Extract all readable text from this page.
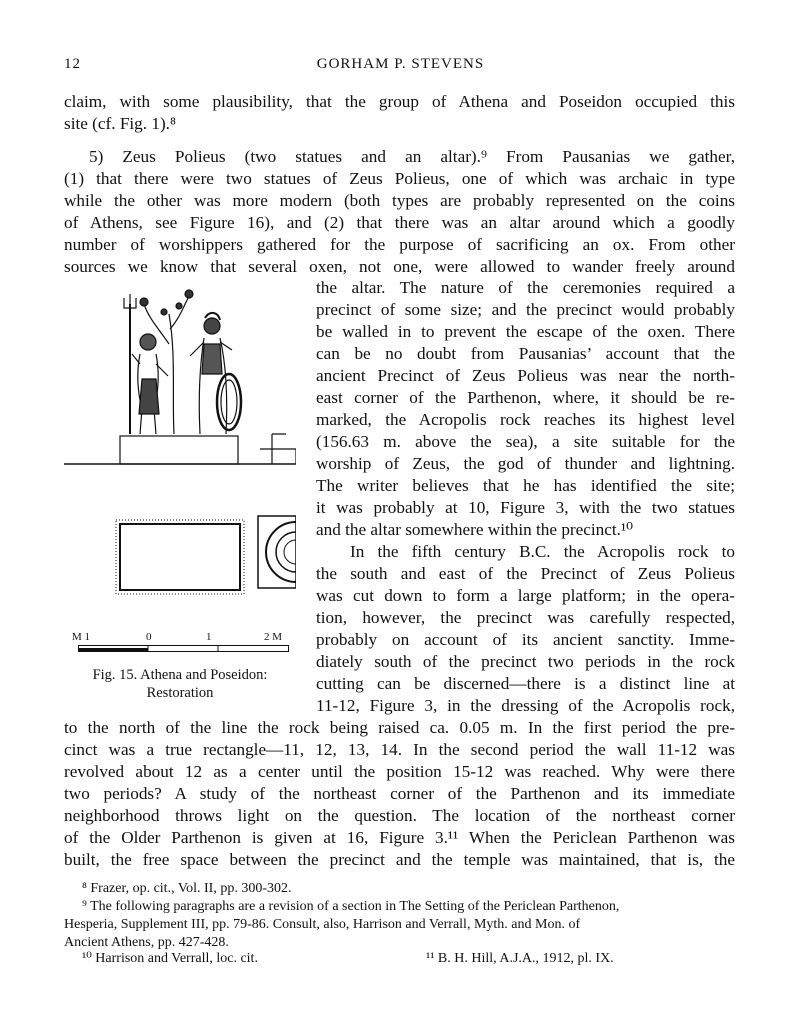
12	GORHAM P. STEVENS
claim, with some plausibility, that the group of Athena and Poseidon occupied this
site (cf. Fig. 1).⁸
5) Zeus Polieus (two statues and an altar).⁹ From Pausanias we gather,
(1) that there were two statues of Zeus Polieus, one of which was archaic in type
while the other was more modern (both types are probably represented on the coins
of Athens, see Figure 16), and (2) that there was an altar around which a goodly
number of worshippers gathered for the purpose of sacrificing an ox. From other
sources we know that several oxen, not one, were allowed to wander freely around
the altar. The nature of the ceremonies required a
precinct of some size; and the precinct would probably
be walled in to prevent the escape of the oxen. There
can be no doubt from Pausanias’ account that the
ancient Precinct of Zeus Polieus was near the north-
east corner of the Parthenon, where, it should be re-
marked, the Acropolis rock reaches its highest level
(156.63 m. above the sea), a site suitable for the
worship of Zeus, the god of thunder and lightning.
The writer believes that he has identified the site;
it was probably at 10, Figure 3, with the two statues
and the altar somewhere within the precinct.¹⁰
In the fifth century B.C. the Acropolis rock to
the south and east of the Precinct of Zeus Polieus
was cut down to form a large platform; in the opera-
tion, however, the precinct was carefully respected,
probably on account of its ancient sanctity. Imme-
diately south of the precinct two periods in the rock
cutting can be discerned—there is a distinct line at
11-12, Figure 3, in the dressing of the Acropolis rock,
to the north of the line the rock being raised ca. 0.05 m. In the first period the pre-
cinct was a true rectangle—11, 12, 13, 14. In the second period the wall 11-12 was
revolved about 12 as a center until the position 15-12 was reached. Why were there
two periods? A study of the northeast corner of the Parthenon and its immediate
neighborhood throws light on the question. The location of the northeast corner
of the Older Parthenon is given at 16, Figure 3.¹¹ When the Periclean Parthenon was
built, the free space between the precinct and the temple was maintained, that is, the
M 1	0	1	2 M
Fig. 15. Athena and Poseidon:
Restoration
⁸ Frazer, op. cit., Vol. II, pp. 300-302.
⁹ The following paragraphs are a revision of a section in The Setting of the Periclean Parthenon,
Hesperia, Supplement III, pp. 79-86. Consult, also, Harrison and Verrall, Myth. and Mon. of
Ancient Athens, pp. 427-428.
¹⁰ Harrison and Verrall, loc. cit.	¹¹ B. H. Hill, A.J.A., 1912, pl. IX.
